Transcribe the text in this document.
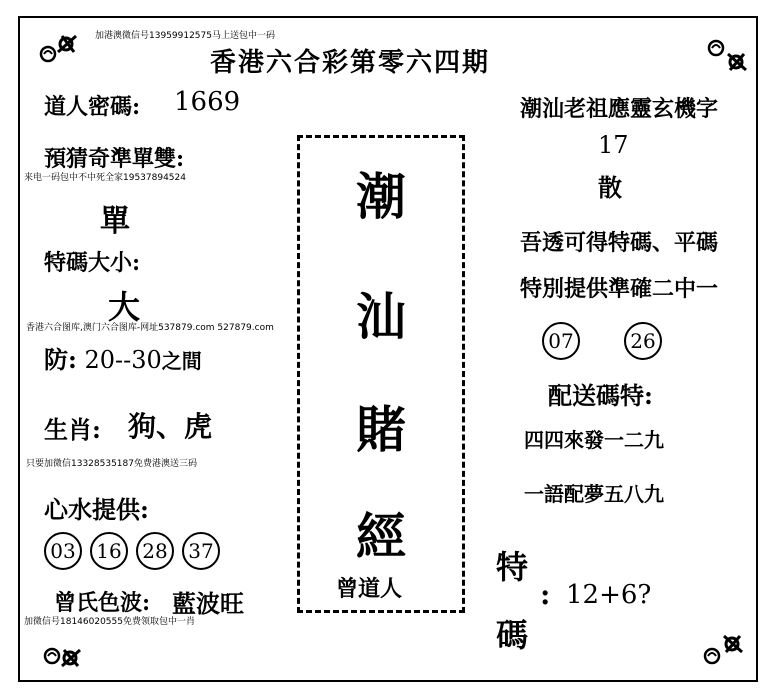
加港澳微信号13959912575马上送包中一码
香港六合彩第零六四期
道人密碼: 1669
預猜奇準單雙:
来电一码包中不中死全家19537894524
單
特碼大小:
大
香港六合图库,澳门六合图库-网址537879.com 527879.com
防: 20--30之間
生肖: 狗、虎
只要加微信13328535187免费港澳送三码
心水提供:
03	16	28	37
曾氏色波: 藍波旺
加微信号18146020555免费领取包中一肖
潮
汕
賭
經
曾道人
潮汕老祖應靈玄機字
17
散
吾透可得特碼、平碼
特別提供準確二中一
07	26
配送碼特:
四四來發一二九
一語配夢五八九
特
:
碼
12+6?
